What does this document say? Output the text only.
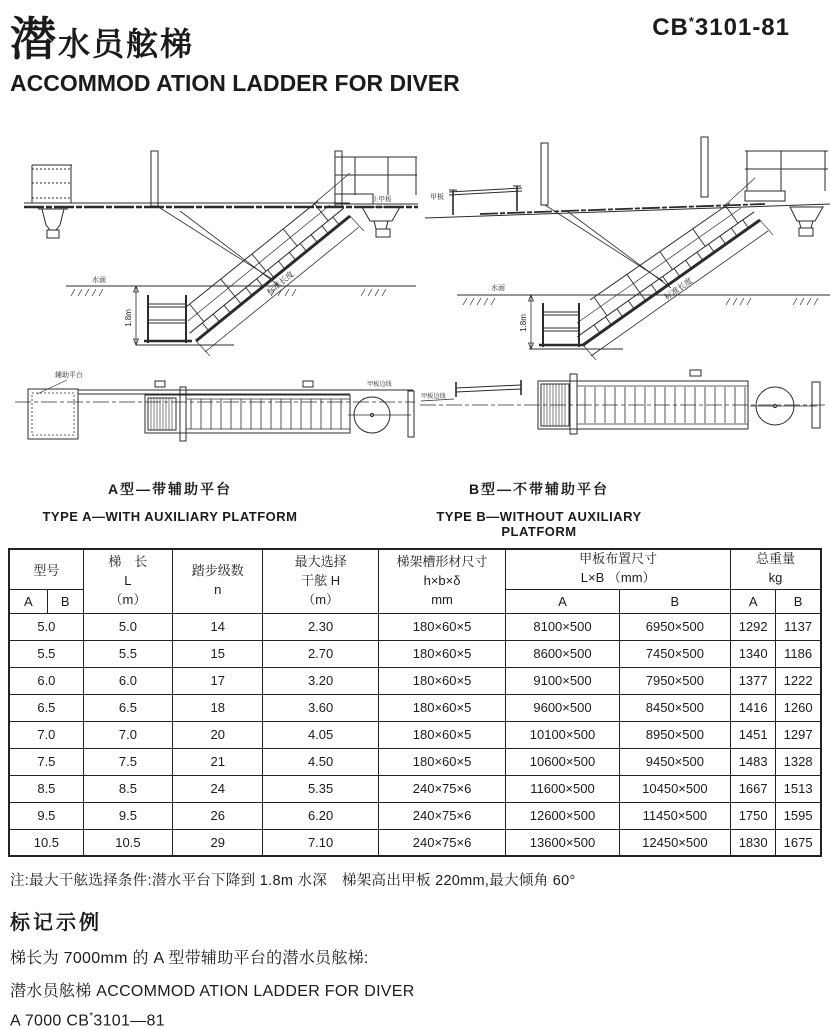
潜水员舷梯
ACCOMMOD ATION LADDER FOR DIVER
CB*3101-81
上甲板
水面
1.8m
标准长度
辅助平台
甲板边线
A型—带辅助平台
TYPE A—WITH AUXILIARY PLATFORM
甲板
水面
1.8m
标准长度
甲板边线
B型—不带辅助平台
TYPE B—WITHOUT AUXILIARY PLATFORM
型号		梯　长
L
（m）	踏步级数
n	最大选择
干舷 H
（m）	梯架槽形材尺寸
h×b×δ
mm	甲板布置尺寸
L×B （mm）		总重量
kg	

A	B					A	B	A	B
5.0		5.0	14	2.30	180×60×5	8100×500	6950×500	1292	1137
5.5		5.5	15	2.70	180×60×5	8600×500	7450×500	1340	1186
6.0		6.0	17	3.20	180×60×5	9100×500	7950×500	1377	1222
6.5		6.5	18	3.60	180×60×5	9600×500	8450×500	1416	1260
7.0		7.0	20	4.05	180×60×5	10100×500	8950×500	1451	1297
7.5		7.5	21	4.50	180×60×5	10600×500	9450×500	1483	1328
8.5		8.5	24	5.35	240×75×6	11600×500	10450×500	1667	1513
9.5		9.5	26	6.20	240×75×6	12600×500	11450×500	1750	1595
10.5		10.5	29	7.10	240×75×6	13600×500	12450×500	1830	1675
注:最大干舷选择条件:潜水平台下降到 1.8m 水深　梯架高出甲板 220mm,最大倾角 60°
标记示例
梯长为 7000mm 的 A 型带辅助平台的潜水员舷梯:
潜水员舷梯 ACCOMMOD ATION LADDER FOR DIVER
A 7000 CB*3101—81
